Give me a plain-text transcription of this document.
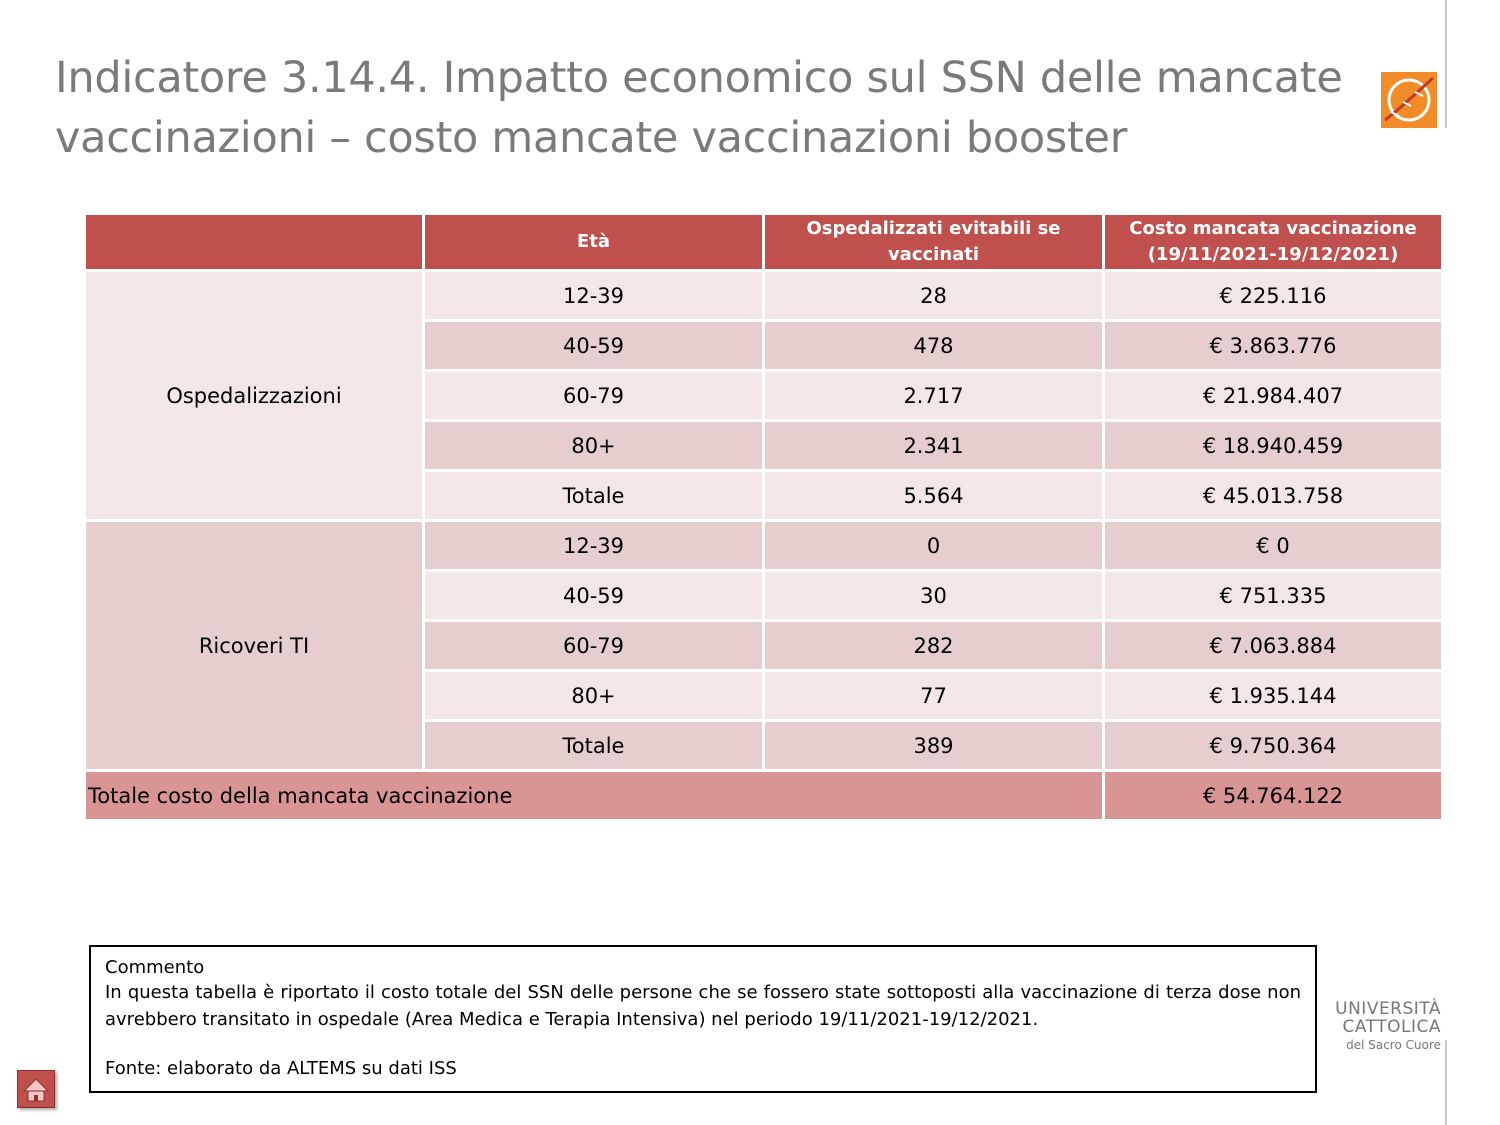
Indicatore 3.14.4. Impatto economico sul SSN delle mancate
vaccinazioni – costo mancate vaccinazioni booster
	Età	Ospedalizzati evitabili se vaccinati	Costo mancata vaccinazione
(19/11/2021-19/12/2021)

Ospedalizzazioni	12-39	28	€ 225.116
	40-59	478	€ 3.863.776
	60-79	2.717	€ 21.984.407
	80+	2.341	€ 18.940.459
	Totale	5.564	€ 45.013.758
Ricoveri TI	12-39	0	€ 0
	40-59	30	€ 751.335
	60-79	282	€ 7.063.884
	80+	77	€ 1.935.144
	Totale	389	€ 9.750.364
Totale costo della mancata vaccinazione			€ 54.764.122
Commento
In questa tabella è riportato il costo totale del SSN delle persone che se fossero state sottoposti alla vaccinazione di terza dose non avrebbero transitato in ospedale (Area Medica e Terapia Intensiva) nel periodo 19/11/2021-19/12/2021.
Fonte: elaborato da ALTEMS su dati ISS
UNIVERSITÀ
CATTOLICA
del Sacro Cuore
